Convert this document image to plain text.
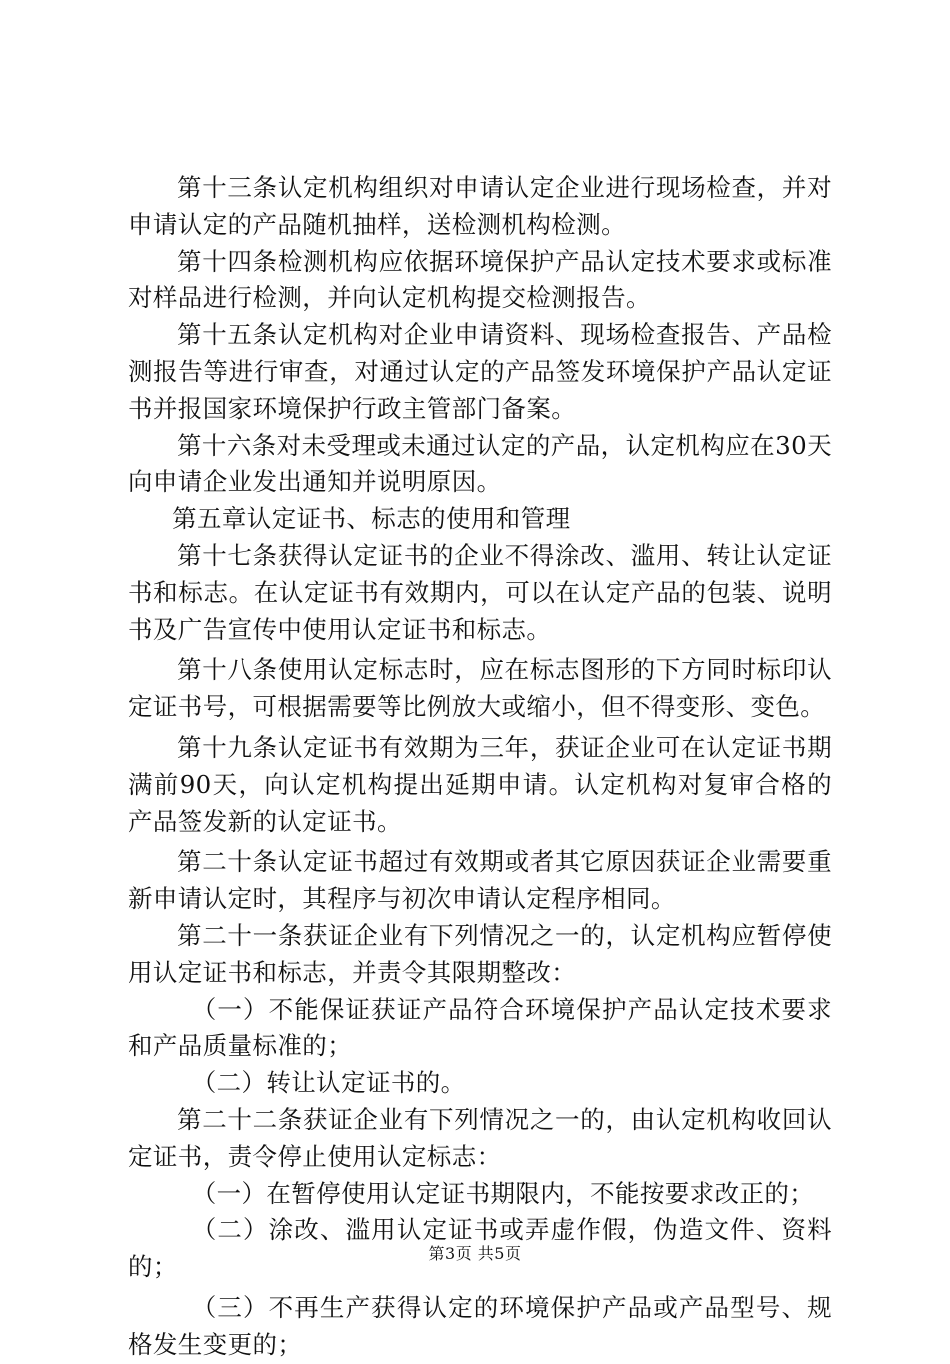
第十三条认定机构组织对申请认定企业进行现场检查，并对申请认定的产品随机抽样，送检测机构检测。

第十四条检测机构应依据环境保护产品认定技术要求或标准对样品进行检测，并向认定机构提交检测报告。

第十五条认定机构对企业申请资料、现场检查报告、产品检测报告等进行审查，对通过认定的产品签发环境保护产品认定证书并报国家环境保护行政主管部门备案。

第十六条对未受理或未通过认定的产品，认定机构应在30天向申请企业发出通知并说明原因。

第五章认定证书、标志的使用和管理

第十七条获得认定证书的企业不得涂改、滥用、转让认定证书和标志。在认定证书有效期内，可以在认定产品的包装、说明书及广告宣传中使用认定证书和标志。

第十八条使用认定标志时，应在标志图形的下方同时标印认定证书号，可根据需要等比例放大或缩小，但不得变形、变色。

第十九条认定证书有效期为三年，获证企业可在认定证书期满前90天，向认定机构提出延期申请。认定机构对复审合格的产品签发新的认定证书。

第二十条认定证书超过有效期或者其它原因获证企业需要重新申请认定时，其程序与初次申请认定程序相同。

第二十一条获证企业有下列情况之一的，认定机构应暂停使用认定证书和标志，并责令其限期整改：

（一）不能保证获证产品符合环境保护产品认定技术要求和产品质量标准的；

（二）转让认定证书的。

第二十二条获证企业有下列情况之一的，由认定机构收回认定证书，责令停止使用认定标志：

（一）在暂停使用认定证书期限内，不能按要求改正的；

（二）涂改、滥用认定证书或弄虚作假，伪造文件、资料的；

（三）不再生产获得认定的环境保护产品或产品型号、规格发生变更的；

第3页 共5页
